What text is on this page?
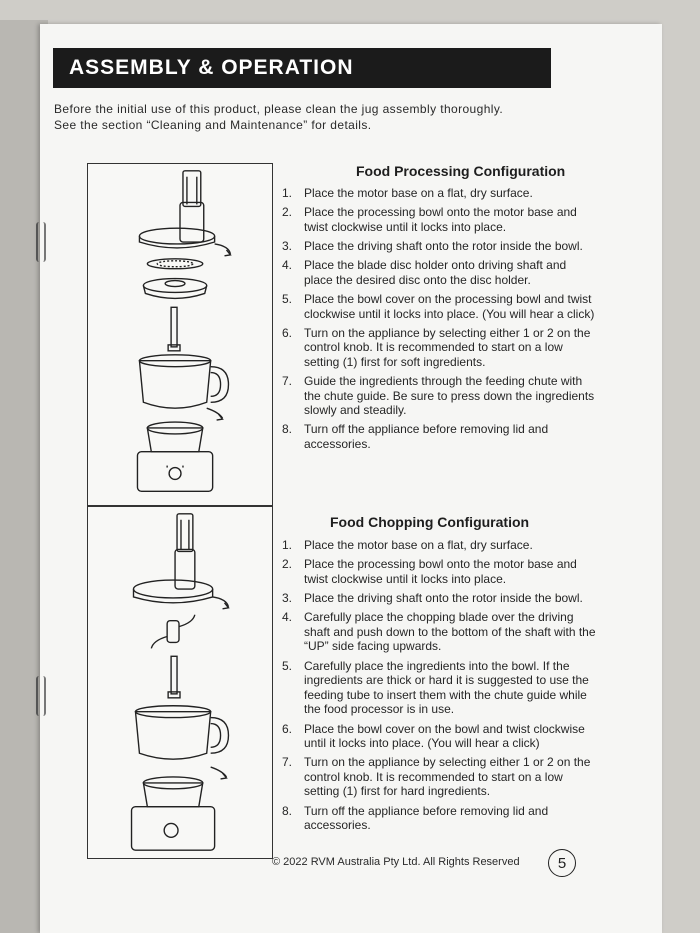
ASSEMBLY & OPERATION
Before the initial use of this product, please clean the jug assembly thoroughly. See the section “Cleaning and Maintenance” for details.
Food Processing Configuration
1. Place the motor base on a flat, dry surface.
2. Place the processing bowl onto the motor base and twist clockwise until it locks into place.
3. Place the driving shaft onto the rotor inside the bowl.
4. Place the blade disc holder onto driving shaft and place the desired disc onto the disc holder.
5. Place the bowl cover on the processing bowl and twist clockwise until it locks into place. (You will hear a click)
6. Turn on the appliance by selecting either 1 or 2 on the control knob. It is recommended to start on a low setting (1) first for soft ingredients.
7. Guide the ingredients through the feeding chute with the chute guide. Be sure to press down the ingredients slowly and steadily.
8. Turn off the appliance before removing lid and accessories.
Food Chopping Configuration
1. Place the motor base on a flat, dry surface.
2. Place the processing bowl onto the motor base and twist clockwise until it locks into place.
3. Place the driving shaft onto the rotor inside the bowl.
4. Carefully place the chopping blade over the driving shaft and push down to the bottom of the shaft with the “UP” side facing upwards.
5. Carefully place the ingredients into the bowl. If the ingredients are thick or hard it is suggested to use the feeding tube to insert them with the chute guide while the food processor is in use.
6. Place the bowl cover on the bowl and twist clockwise until it locks into place. (You will hear a click)
7. Turn on the appliance by selecting either 1 or 2 on the control knob. It is recommended to start on a low setting (1) first for hard ingredients.
8. Turn off the appliance before removing lid and accessories.
© 2022 RVM Australia Pty Ltd. All Rights Reserved	5
